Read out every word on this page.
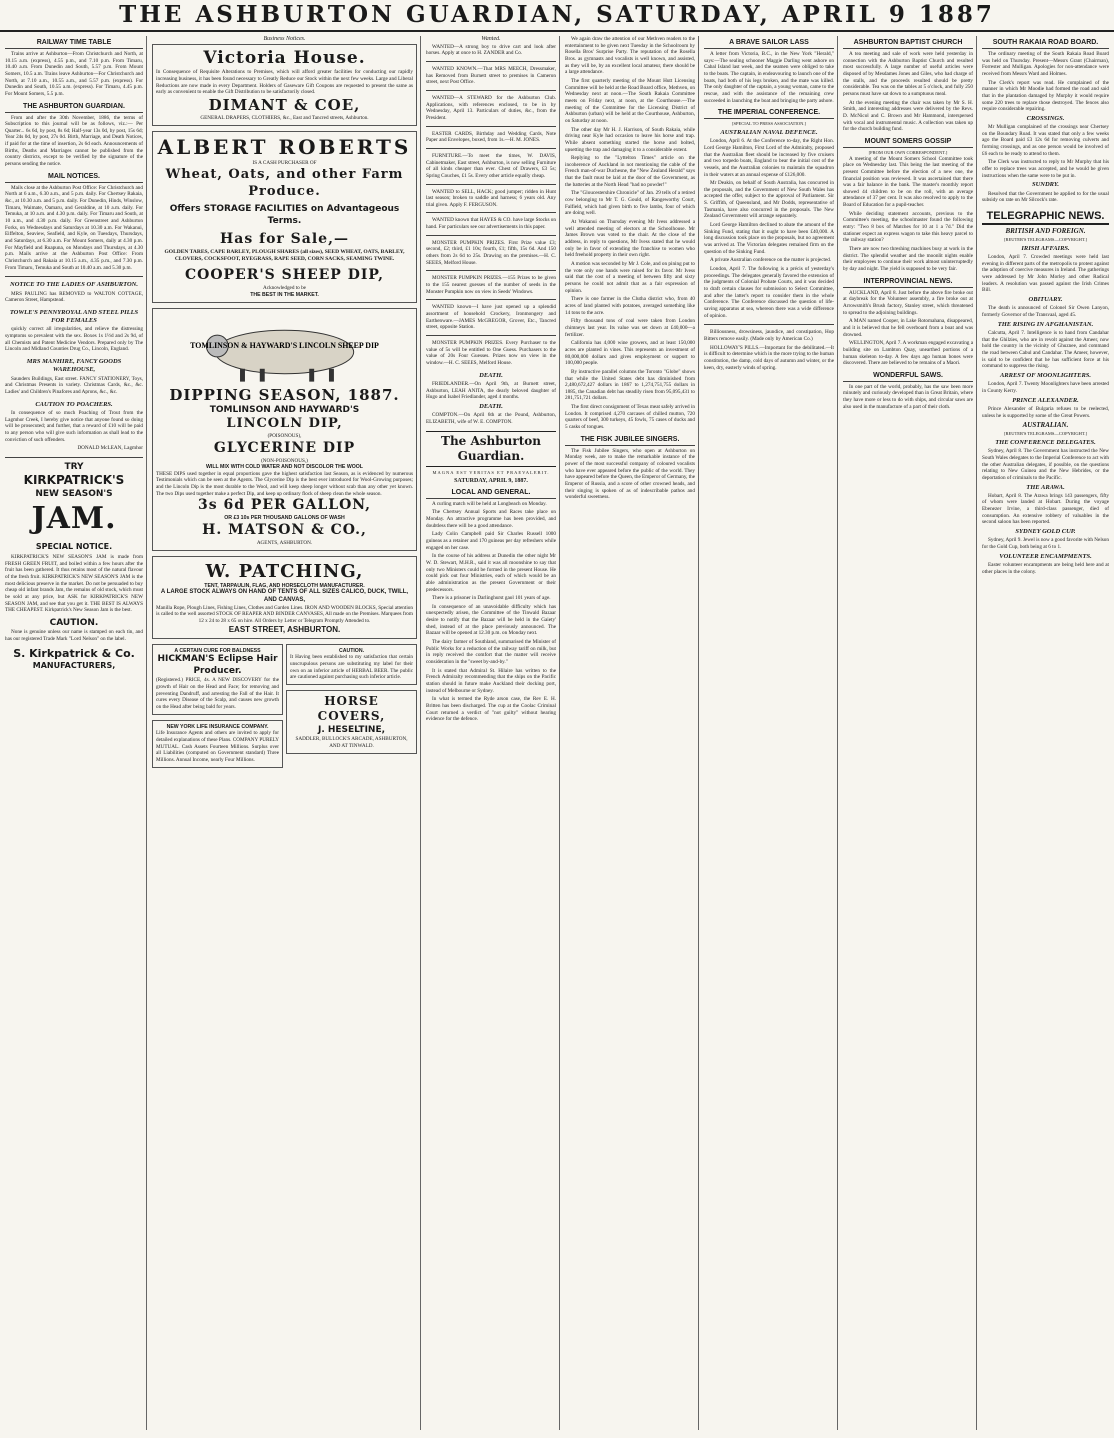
THE ASHBURTON GUARDIAN, SATURDAY, APRIL 9 1887
RAILWAY TIME TABLE

Trains arrive at Ashburton—From Christchurch and North, at 10.15 a.m. (express), 4.55 p.m., and 7.10 p.m. From Timaru, 10.40 a.m. From Dunedin and South, 5.57 p.m. From Mount Somers, 10.5 a.m. Trains leave Ashburton—For Christchurch and North, at 7.10 a.m., 10.55 a.m., and 5.57 p.m. (express). For Dunedin and South, 10.55 a.m. (express). For Timaru, 4.45 p.m. For Mount Somers, 5.5 p.m.

THE ASHBURTON GUARDIAN.

From and after the 30th November, 1886, the terms of Subscription to this journal will be as follows, viz.:— Per Quarter... 6s 6d, by post, 8s 6d; Half-year 13s 0d, by post, 15s 6d; Year 24s 0d, by post, 27s 0d. Birth, Marriage, and Death Notices, if paid for at the time of insertion, 2s 6d each. Announcements of Births, Deaths and Marriages cannot be published from the country districts, except to be verified by the signature of the persons sending the notice.

MAIL NOTICES.

Mails close at the Ashburton Post Office: For Christchurch and North at 6 a.m., 6.30 a.m., and 5 p.m. daily. For Chertsey Rakaia, &c., at 10.30 a.m. and 5 p.m. daily. For Dunedin, Hinds, Winslow, Timaru, Waimate, Oamaru, and Geraldine, at 10 a.m. daily. For Temuka, at 10 a.m. and 4.30 p.m. daily. For Timaru and South, at 10 a.m., and 4.30 p.m. daily. For Greenstreet and Ashburton Forks, on Wednesdays and Saturdays at 10.30 a.m. For Wakanui, Eiffelton, Seaview, Seafield, and Kyle, on Tuesdays, Thursdays, and Saturdays, at 6.30 a.m. For Mount Somers, daily at 4.30 p.m. For Mayfield and Ruapuna, on Mondays and Thursdays, at 4.30 p.m. Mails arrive at the Ashburton Post Office: From Christchurch and Rakaia at 10.15 a.m., 4.35 p.m., and 7.30 p.m. From Timaru, Temuka and South at 10.40 a.m. and 5.30 p.m.

NOTICE TO THE LADIES OF ASHBURTON.

MRS PAULING has REMOVED to WALTON COTTAGE, Cameron Street, Hampstead.

TOWLE'S PENNYROYAL AND STEEL PILLS FOR FEMALES

quickly correct all irregularities, and relieve the distressing symptoms so prevalent with the sex. Boxes 1s 1½d and 2s 9d, of all Chemists and Patent Medicine Vendors. Prepared only by The Lincoln and Midland Counties Drug Co., Lincoln, England.

MRS MANHIRE, FANCY GOODS WAREHOUSE,

Saunders Buildings, East street. FANCY STATIONERY, Toys, and Christmas Presents in variety. Christmas Cards, &c., &c. Ladies' and Children's Pinafores and Aprons, &c., &c.

CAUTION TO POACHERS.

In consequence of so much Poaching of Trout from the Lagmhor Creek, I hereby give notice that anyone found so doing will be prosecuted; and further, that a reward of £10 will be paid to any person who will give such information as shall lead to the conviction of such offenders.

DONALD McLEAN, Lagmhor

TRY
KIRKPATRICK'S
NEW SEASON'S
JAM.
SPECIAL NOTICE.

KIRKPATRICK'S NEW SEASON'S JAM is made from FRESH GREEN FRUIT, and boiled within a few hours after the fruit has been gathered. It thus retains most of the natural flavour of the fresh fruit. KIRKPATRICK'S NEW SEASON'S JAM is the most delicious preserve in the market. Do not be persuaded to buy cheap old infant brands Jam, the remains of old stock, which must be sold at any price, but ASK for KIRKPATRICK'S NEW SEASON JAM, and see that you get it. THE BEST IS ALWAYS THE CHEAPEST. Kirkpatrick's New Season Jam is the best.

CAUTION.

None is genuine unless our name is stamped on each tin, and has our registered Trade Mark "Lord Nelson" on the label.

S. Kirkpatrick & Co.
MANUFACTURERS,
Business Notices.
Victoria House.

In Consequence of Requisite Alterations to Premises, which will afford greater facilities for conducting our rapidly increasing business, it has been found necessary to Greatly Reduce our Stock within the next few weeks. Large and Liberal Reductions are now made in every Department. Holders of Gaseware Gift Coupons are requested to present the same as early as convenient to enable the Gift Distribution to be satisfactorily closed.

DIMANT & COE,
GENERAL DRAPERS, CLOTHIERS, &c., East and Tancred streets, Ashburton.
ALBERT ROBERTS
IS A CASH PURCHASER OF
Wheat, Oats, and other Farm Produce.
Offers STORAGE FACILITIES on Advantageous Terms.
Has for Sale,—
GOLDEN TARES, CAPE BARLEY, PLOUGH SHARES (all sizes), SEED WHEAT, OATS, BARLEY, CLOVERS, COCKSFOOT, RYEGRASS, RAPE SEED, CORN SACKS, SEAMING TWINE.
COOPER'S SHEEP DIP,
Acknowledged to be
THE BEST IN THE MARKET.
TOMLINSON & HAYWARD'S LINCOLN SHEEP DIP
DIPPING SEASON, 1887.
TOMLINSON AND HAYWARD'S
LINCOLN DIP,
(POISONOUS),
GLYCERINE DIP
(NON-POISONOUS,)
WILL MIX WITH COLD WATER AND NOT DISCOLOR THE WOOL

THESE DIPS used together in equal proportions gave the highest satisfaction last Season, as is evidenced by numerous Testimonials which can be seen at the Agents. The Glycerine Dip is the best ever introduced for Wool-Growing purposes; and the Lincoln Dip is the most durable to the Wool, and will keep sheep longer without scab than any other yet known. The two Dips used together make a perfect Dip, and keep up ordinary flock of sheep clean the whole season.

3s 6d PER GALLON,
OR £3 10s PER THOUSAND GALLONS OF WASH
H. MATSON & CO.,
AGENTS, ASHBURTON.
W. PATCHING,
TENT, TARPAULIN, FLAG, AND HORSECLOTH MANUFACTURER.
A LARGE STOCK ALWAYS ON HAND OF TENTS OF ALL SIZES CALICO, DUCK, TWILL, AND CANVAS,

Manilla Rope, Plough Lines, Fishing Lines, Clothes and Garden Lines. IRON AND WOODEN BLOCKS, Special attention is called to the well assorted STOCK OF REAPER AND BINDER CANVASES, All made on the Premises. Marquees from 12 x 24 to 28 x 65 on hire. All Orders by Letter or Telegram Promptly Attended to.

EAST STREET, ASHBURTON.
A CERTAIN CURE FOR BALDNESS
HICKMAN'S Eclipse Hair Producer.

(Registered.) PRICE, 4s. A NEW DISCOVERY for the growth of Hair on the Head and Face; for removing and preventing Dandruff, and arresting the Fall of the Hair. It cures every Disease of the Scalp, and causes new growth on the Head after being bald for years.

NEW YORK LIFE INSURANCE COMPANY.

Life Insurance Agents and others are invited to apply for detailed explanations of these Plans. COMPANY PURELY MUTUAL. Cash Assets Fourteen Millions. Surplus over all Liabilities (computed on Government standard) Three Millions. Annual Income, nearly Four Millions.

CAUTION.

It Having been established to my satisfaction that certain unscrupulous persons are substituting my label for their own on an inferior article of HERBAL BEER. The public are cautioned against purchasing such inferior article.

HORSE COVERS,
J. HESELTINE,
SADDLER, BULLOCK'S ARCADE, ASHBURTON, AND AT TINWALD.
Wanted.

WANTED—A strong boy to drive cart and look after horses. Apply at once to H. ZANDER and Co.

WANTED KNOWN.—That MRS MEECH, Dressmaker, has Removed from Burnett street to premises in Cameron street, next Post Office.

WANTED—A STEWARD for the Ashburton Club. Applications, with references enclosed, to be in by Wednesday, April 13. Particulars of duties, &c., from the President.

EASTER CARDS, Birthday and Wedding Cards, Note Paper and Envelopes, boxed, from 1s.—H. M. JONES.

FURNITURE.—To meet the times, W. DAVIS, Cabinetmaker, East street, Ashburton, is now selling Furniture of all kinds cheaper than ever. Chest of Drawers, £3 5s; Spring Couches, £1 5s. Every other article equally cheap.

WANTED to SELL, HACK; good jumper; ridden in Hunt last season; broken to saddle and harness; 6 years old. Any trial given. Apply F. FERGUSON.

WANTED known that HAYES & CO. have large Stocks on hand. For particulars see our advertisements in this paper.

MONSTER PUMPKIN PRIZES. First Prize value £3; second, £2; third, £1 10s; fourth, £1; fifth, 15s 6d. And 150 others from 2s 6d to 25s. Drawing on the premises.—H. C. SEEES, Melford House.

MONSTER PUMPKIN PRIZES.—155 Prizes to be given to the 155 nearest guesses of the number of seeds in the Monster Pumpkin now on view in Seeds' Windows.

WANTED known—I have just opened up a splendid assortment of household Crockery, Ironmongery and Earthenware.—JAMES McGREGOR, Grover, Etc., Tancred street, opposite Station.

MONSTER PUMPKIN PRIZES. Every Purchaser to the value of 5s will be entitled to One Guess. Purchasers to the value of 20s Four Guesses. Prizes now on view in the window.—H. C. SEEES, Melford House.

DEATH.

FRIEDLANDER.—On April 9th, at Burnett street, Ashburton, LEAH ANITA, the dearly beloved daughter of Hugo and Isabel Friedlander, aged 4 months.

DEATH.

COMPTON.—On April 6th at the Pound, Ashburton, ELIZABETH, wife of W. E. COMPTON.

The Ashburton Guardian.
MAGNA EST VERITAS ET PRAEVALEBIT.
SATURDAY, APRIL 9, 1887.
LOCAL AND GENERAL.

A curling match will be held at Longbeach on Monday.

The Chertsey Annual Sports and Races take place on Monday. An attractive programme has been provided, and doubtless there will be a good attendance.

Lady Colin Campbell paid Sir Charles Russell 1000 guineas as a retainer and 170 guineas per day refreshers while engaged on her case.

In the course of his address at Dunedin the other night Mr W. D. Stewart, M.H.R., said it was all moonshine to say that only two Ministers could be formed in the present House. He could pick out four Ministries, each of which would be an able administration as the present Government or their predecessors.

There is a prisoner in Darlinghurst gaol 101 years of age.

In consequence of an unavoidable difficulty which has unexpectedly arisen, the Committee of the Tinwald Bazaar desire to notify that the Bazaar will be held in the Gaiety' shed, instead of at the place previously announced. The Bazaar will be opened at 12.30 p.m. on Monday next.

The dairy farmer of Southland, summarised the Minister of Public Works for a reduction of the railway tariff on milk, but in reply received the comfort that the matter will receive consideration in the "sweet by-and-by."

It is stated that Admiral St. Hilaire has written to the French Admiralty recommending that the ships on the Pacific station should in future make Auckland their docking port, instead of Melbourne or Sydney.

In what is termed the Ryde arson case, the Rev E. H. Britten has been discharged. The cup at the Coolac Criminal Court returned a verdict of "not guilty" without hearing evidence for the defence.

We again draw the attention of our Methven readers to the entertainment to be given next Tuesday in the Schoolroom by Rosella Bros' Surprise Party. The reputation of the Rosella Bros. as gymnasts and vocalists is well known, and assisted, as they will be, by an excellent local amateur, there should be a large attendance.

The first quarterly meeting of the Mount Hutt Licensing Committee will be held at the Road Board office, Methven, on Wednesday next at noon.—The South Rakaia Committee meets on Friday next, at noon, at the Courthouse.—The meeting of the Committee for the Licensing District of Ashburton (urban) will be held at the Courthouse, Ashburton, on Saturday at noon.

The other day Mr H. J. Harrison, of South Rakaia, while driving near Kyle had occasion to leave his horse and trap. While absent something started the horse and bolted, upsetting the trap and damaging it to a considerable extent.

Replying to the "Lyttelton Times" article on the incoherence of Auckland in not mentioning the cable of the French man-of-war Duchesne, the "New Zealand Herald" says that the fault must be laid at the door of the Government, as the batteries at the North Head "had no powder!"

The "Gloucestershire Chronicle" of Jan. 29 tells of a retired cow belonging to Mr T. G. Gould, of Rangeworthy Court, Falfield, which had given birth to five lambs, four of which are doing well.

At Wakanui on Thursday evening Mr Ivess addressed a well attended meeting of electors at the Schoolhouse. Mr James Brown was voted to the chair. At the close of the address, in reply to questions, Mr Ivess stated that he would only be in favor of extending the franchise to women who held freehold property in their own right.

A motion was seconded by Mr J. Cole, and on pining put to the vote only one hands were raised for its favor. Mr Ivess said that the cost of a meeting of between fifty and sixty persons he could not admit that as a fair expression of opinion.

There is one farmer in the Clutha district who, from 40 acres of land planted with potatoes, averaged something like 14 tons to the acre.

Fifty thousand tons of coal were taken from London chimneys last year. Its value was set down at £40,000—a fertilizer.

California has 4,000 wine growers, and at least 150,000 acres are planted in vines. This represents an investment of 80,000,000 dollars and gives employment or support to 100,000 people.

By instructive parallel columns the Toronto "Globe" shows that while the United States debt has diminished from 2,480,672,427 dollars in 1867 to 1,274,751,755 dollars in 1885, the Canadian debt has steadily risen from 95,095,431 to 281,751,721 dollars.

The first direct consignment of Texas meat safely arrived in London. It comprised 4,270 carcases of chilled mutton, 720 quarters of beef, 300 turkeys, 45 fowls, 75 cases of ducks and 5 casks of tongues.

THE FISK JUBILEE SINGERS.

The Fisk Jubilee Singers, who open at Ashburton on Monday week, are to make the remarkable instance of the power of the most successful company of coloured vocalists who have ever appeared before the public of the world. They have appeared before the Queen, the Emperor of Germany, the Emperor of Russia, and a score of other crowned heads, and their singing is spoken of as of indescribable pathos and wonderful sweetness.

A BRAVE SAILOR LASS

A letter from Victoria, B.C., in the New York "Herald," says:—The sealing schooner Maggie Darling went ashore on Cabal Island last week, and the seamen were obliged to take to the boats. The captain, in endeavouring to launch one of the boats, had both of his legs broken, and the mate was killed. The only daughter of the captain, a young woman, came to the rescue, and with the assistance of the remaining crew succeeded in launching the boat and bringing the party ashore.

THE IMPERIAL CONFERENCE.
[SPECIAL TO PRESS ASSOCIATION.]
AUSTRALIAN NAVAL DEFENCE.

London, April 6. At the Conference to-day, the Right Hon. Lord George Hamilton, First Lord of the Admiralty, proposed that the Australian fleet should be increased by five cruisers and two torpedo boats, England to bear the initial cost of the vessels, and the Australian colonies to maintain the squadron in their waters at an annual expense of £126,000.

Mr Deakin, on behalf of South Australia, has concurred in the proposals, and the Government of New South Wales has accepted the offer, subject to the approval of Parliament. Sir S. Griffith, of Queensland, and Mr Dodds, representative of Tasmania, have also concurred in the proposals. The New Zealand Government will arrange separately.

Lord George Hamilton declined to abate the amount of the Sinking Fund, stating that it ought to have been £40,000. A long discussion took place on the proposals, but no agreement was arrived at. The Victorian delegates remained firm on the question of the Sinking Fund.

A private Australian conference on the matter is projected.

London, April 7. The following is a précis of yesterday's proceedings. The delegates generally favored the extension of the judgments of Colonial Probate Courts, and it was decided to draft certain clauses for submission to Select Committee, and after the latter's report to consider them in the whole Conference. The Conference discussed the question of life-saving apparatus at sea, whereon there was a wide difference of opinion.

Billiousness, drowsiness, jaundice, and constipation, Hop Bitters remove easily. (Made only by American Co.)

HOLLOWAY'S PILLS.—Important for the debilitated.—It is difficult to determine which in the more trying to the human constitution, the damp, cold days of autumn and winter, or the keen, dry, easterly winds of spring.

ASHBURTON BAPTIST CHURCH

A tea meeting and sale of work were held yesterday in connection with the Ashburton Baptist Church and resulted most successfully. A large number of useful articles were disposed of by Mesdames Jones and Giles, who had charge of the stalls, and the proceeds resulted should be pretty considerable. Tea was on the tables at 5 o'clock, and fully 250 persons must have sat down to a sumptuous meal.

At the evening meeting the chair was taken by Mr S. H. Smith, and interesting addresses were delivered by the Revs. D. McNicol and C. Brown and Mr Hammond, interspersed with vocal and instrumental music. A collection was taken up for the church building fund.

MOUNT SOMERS GOSSIP
[FROM OUR OWN CORRESPONDENT.]

A meeting of the Mount Somers School Committee took place on Wednesday last. This being the last meeting of the present Committee before the election of a new one, the financial position was reviewed. It was ascertained that there was a fair balance in the bank. The master's monthly report showed 44 children to be on the roll, with an average attendance of 37 per cent. It was also resolved to apply to the Board of Education for a pupil-teacher.

While deciding statement accounts, previous to the Committee's meeting, the schoolmaster found the following entry: "Two 8 box of Matches for 10 at 1 a 7d." Did the stationer expect an express wagon to take this heavy parcel to the railway station?

There are now two threshing machines busy at work in the district. The splendid weather and the moonlit nights enable their employees to continue their work almost uninterruptedly by day and night. The yield is supposed to be very fair.

INTERPROVINCIAL NEWS.

AUCKLAND, April 8. Just before the above fire broke out at daybreak for the Volunteer assembly, a fire broke out at Arrowsmith's Brush factory, Stanley street, which threatened to spread to the adjoining buildings.

A MAN named Cooper, in Lake Rotomahana, disappeared, and it is believed that he fell overboard from a boat and was drowned.

WELLINGTON, April 7. A workman engaged excavating a building site on Lambton Quay, unearthed portions of a human skeleton to-day. A few days ago human bones were discovered. There are believed to be remains of a Maori.

WONDERFUL SAWS.

In one part of the world, probably, has the saw been more minutely and curiously developed than in Great Britain, where they have more or less to do with ships, and circular saws are also used in the manufacture of a part of their cloth.

SOUTH RAKAIA ROAD BOARD.

The ordinary meeting of the South Rakaia Road Board was held on Thursday. Present—Messrs Grant (Chairman), Forrester and Mulligan. Apologies for non-attendance were received from Messrs Ward and Holmes.

The Clerk's report was read. He complained of the manner in which Mr Moodie had formed the road and said that in the plantation damaged by Murphy it would require some 220 trees to replace those destroyed. The fences also require considerable repairing.

CROSSINGS.

Mr Mulligan complained of the crossings near Chertsey on the Boundary Road. It was stated that only a few weeks ago the Board paid £3 12s 6d for removing culverts and forming crossings, and as one person would be involved of £6 each to be ready to attend to them.

The Clerk was instructed to reply to Mr Murphy that his offer to replace trees was accepted, and he would be given instructions when the same were to be put in.

SUNDRY.

Resolved that the Government be applied to for the usual subsidy on rate on Mr Silcock's rate.

TELEGRAPHIC NEWS.
BRITISH AND FOREIGN.
[REUTER'S TELEGRAMS—COPYRIGHT.]
IRISH AFFAIRS.

London, April 7. Crowded meetings were held last evening in different parts of the metropolis to protest against the adoption of coercive measures in Ireland. The gatherings were addressed by Mr John Morley and other Radical leaders. A resolution was passed against the Irish Crimes Bill.

OBITUARY.

The death is announced of Colonel Sir Owen Lanyon, formerly Governor of the Transvaal, aged 45.

THE RISING IN AFGHANISTAN.

Calcutta, April 7. Intelligence is to hand from Candahar that the Ghilzies, who are in revolt against the Ameer, now hold the country in the vicinity of Ghuznee, and command the road between Cabul and Candahar. The Ameer, however, is said to be confident that he has sufficient force at his command to suppress the rising.

ARREST OF MOONLIGHTERS.

London, April 7. Twenty Moonlighters have been arrested in County Kerry.

PRINCE ALEXANDER.

Prince Alexander of Bulgaria refuses to be reelected, unless he is supported by some of the Great Powers.

AUSTRALIAN.
[REUTER'S TELEGRAMS—COPYRIGHT.]
THE CONFERENCE DELEGATES.

Sydney, April 8. The Government has instructed the New South Wales delegates to the Imperial Conference to act with the other Australian delegates, if possible, on the questions relating to New Guinea and the New Hebrides, or the deportation of criminals to the Pacific.

THE ARAWA.

Hobart, April 8. The Arawa brings 143 passengers, fifty of whom were landed at Hobart. During the voyage Ebenezer Irvine, a third-class passenger, died of consumption. An extensive robbery of valuables in the second saloon has been reported.

SYDNEY GOLD CUP.

Sydney, April 9. Jewel is now a good favorite with Nelson for the Gold Cup, both being at 6 to 1.

VOLUNTEER ENCAMPMENTS.

Easter volunteer encampments are being held here and at other places in the colony.
